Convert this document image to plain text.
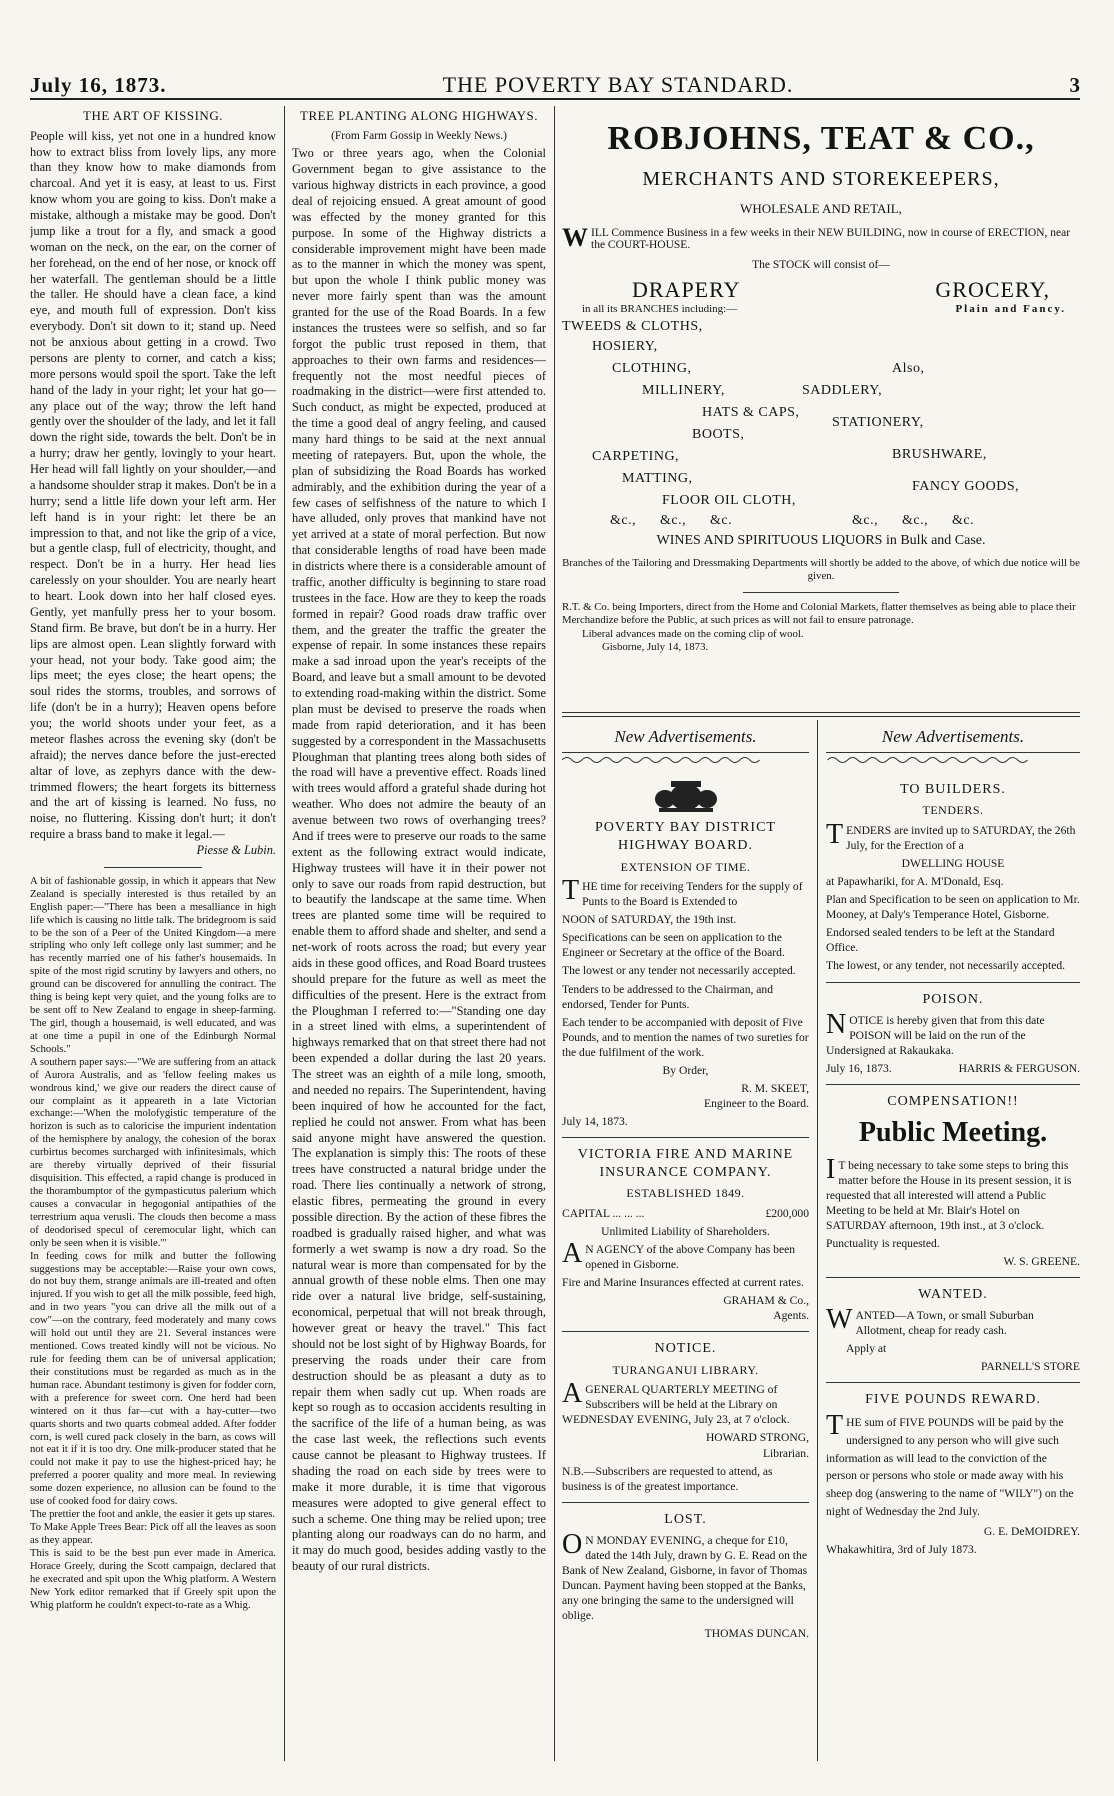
July 16, 1873.	THE POVERTY BAY STANDARD.	3
THE ART OF KISSING.

People will kiss, yet not one in a hundred know how to extract bliss from lovely lips, any more than they know how to make diamonds from charcoal. And yet it is easy, at least to us. First know whom you are going to kiss. Don't make a mistake, although a mistake may be good. Don't jump like a trout for a fly, and smack a good woman on the neck, on the ear, on the corner of her forehead, on the end of her nose, or knock off her waterfall. The gentleman should be a little the taller. He should have a clean face, a kind eye, and mouth full of expression. Don't kiss everybody. Don't sit down to it; stand up. Need not be anxious about getting in a crowd. Two persons are plenty to corner, and catch a kiss; more persons would spoil the sport. Take the left hand of the lady in your right; let your hat go—any place out of the way; throw the left hand gently over the shoulder of the lady, and let it fall down the right side, towards the belt. Don't be in a hurry; draw her gently, lovingly to your heart. Her head will fall lightly on your shoulder,—and a handsome shoulder strap it makes. Don't be in a hurry; send a little life down your left arm. Her left hand is in your right: let there be an impression to that, and not like the grip of a vice, but a gentle clasp, full of electricity, thought, and respect. Don't be in a hurry. Her head lies carelessly on your shoulder. You are nearly heart to heart. Look down into her half closed eyes. Gently, yet manfully press her to your bosom. Stand firm. Be brave, but don't be in a hurry. Her lips are almost open. Lean slightly forward with your head, not your body. Take good aim; the lips meet; the eyes close; the heart opens; the soul rides the storms, troubles, and sorrows of life (don't be in a hurry); Heaven opens before you; the world shoots under your feet, as a meteor flashes across the evening sky (don't be afraid); the nerves dance before the just-erected altar of love, as zephyrs dance with the dew-trimmed flowers; the heart forgets its bitterness and the art of kissing is learned. No fuss, no noise, no fluttering. Kissing don't hurt; it don't require a brass band to make it legal.—

Piesse & Lubin.

A bit of fashionable gossip, in which it appears that New Zealand is specially interested is thus retailed by an English paper:—"There has been a mesalliance in high life which is causing no little talk. The bridegroom is said to be the son of a Peer of the United Kingdom—a mere stripling who only left college only last summer; and he has recently married one of his father's housemaids. In spite of the most rigid scrutiny by lawyers and others, no ground can be discovered for annulling the contract. The thing is being kept very quiet, and the young folks are to be sent off to New Zealand to engage in sheep-farming. The girl, though a housemaid, is well educated, and was at one time a pupil in one of the Edinburgh Normal Schools."

A southern paper says:—"We are suffering from an attack of Aurora Australis, and as 'fellow feeling makes us wondrous kind,' we give our readers the direct cause of our complaint as it appeareth in a late Victorian exchange:—'When the molofygistic temperature of the horizon is such as to caloricise the impurient indentation of the hemisphere by analogy, the cohesion of the borax curbirtus becomes surcharged with infinitesimals, which are thereby virtually deprived of their fissurial disquisition. This effected, a rapid change is produced in the thorambumptor of the gympasticutus palerium which causes a convacular in hegogonial antipathies of the terrestrium aqua verusli. The clouds then become a mass of deodorised specul of ceremocular light, which can only be seen when it is visible.'"

In feeding cows for milk and butter the following suggestions may be acceptable:—Raise your own cows, do not buy them, strange animals are ill-treated and often injured. If you wish to get all the milk possible, feed high, and in two years "you can drive all the milk out of a cow"—on the contrary, feed moderately and many cows will hold out until they are 21. Several instances were mentioned. Cows treated kindly will not be vicious. No rule for feeding them can be of universal application; their constitutions must be regarded as much as in the human race. Abundant testimony is given for fodder corn, with a preference for sweet corn. One herd had been wintered on it thus far—cut with a hay-cutter—two quarts shorts and two quarts cobmeal added. After fodder corn, is well cured pack closely in the barn, as cows will not eat it if it is too dry. One milk-producer stated that he could not make it pay to use the highest-priced hay; he preferred a poorer quality and more meal. In reviewing some dozen experience, no allusion can be found to the use of cooked food for dairy cows.

The prettier the foot and ankle, the easier it gets up stares.

To Make Apple Trees Bear: Pick off all the leaves as soon as they appear.

This is said to be the best pun ever made in America. Horace Greely, during the Scott campaign, declared that he execrated and spit upon the Whig platform. A Western New York editor remarked that if Greely spit upon the Whig platform he couldn't expect-to-rate as a Whig.

TREE PLANTING ALONG HIGHWAYS.
(From Farm Gossip in Weekly News.)

Two or three years ago, when the Colonial Government began to give assistance to the various highway districts in each province, a good deal of rejoicing ensued. A great amount of good was effected by the money granted for this purpose. In some of the Highway districts a considerable improvement might have been made as to the manner in which the money was spent, but upon the whole I think public money was never more fairly spent than was the amount granted for the use of the Road Boards. In a few instances the trustees were so selfish, and so far forgot the public trust reposed in them, that approaches to their own farms and residences—frequently not the most needful pieces of roadmaking in the district—were first attended to. Such conduct, as might be expected, produced at the time a good deal of angry feeling, and caused many hard things to be said at the next annual meeting of ratepayers. But, upon the whole, the plan of subsidizing the Road Boards has worked admirably, and the exhibition during the year of a few cases of selfishness of the nature to which I have alluded, only proves that mankind have not yet arrived at a state of moral perfection. But now that considerable lengths of road have been made in districts where there is a considerable amount of traffic, another difficulty is beginning to stare road trustees in the face. How are they to keep the roads formed in repair? Good roads draw traffic over them, and the greater the traffic the greater the expense of repair. In some instances these repairs make a sad inroad upon the year's receipts of the Board, and leave but a small amount to be devoted to extending road-making within the district. Some plan must be devised to preserve the roads when made from rapid deterioration, and it has been suggested by a correspondent in the Massachusetts Ploughman that planting trees along both sides of the road will have a preventive effect. Roads lined with trees would afford a grateful shade during hot weather. Who does not admire the beauty of an avenue between two rows of overhanging trees? And if trees were to preserve our roads to the same extent as the following extract would indicate, Highway trustees will have it in their power not only to save our roads from rapid destruction, but to beautify the landscape at the same time. When trees are planted some time will be required to enable them to afford shade and shelter, and send a net-work of roots across the road; but every year aids in these good offices, and Road Board trustees should prepare for the future as well as meet the difficulties of the present. Here is the extract from the Ploughman I referred to:—"Standing one day in a street lined with elms, a superintendent of highways remarked that on that street there had not been expended a dollar during the last 20 years. The street was an eighth of a mile long, smooth, and needed no repairs. The Superintendent, having been inquired of how he accounted for the fact, replied he could not answer. From what has been said anyone might have answered the question. The explanation is simply this: The roots of these trees have constructed a natural bridge under the road. There lies continually a network of strong, elastic fibres, permeating the ground in every possible direction. By the action of these fibres the roadbed is gradually raised higher, and what was formerly a wet swamp is now a dry road. So the natural wear is more than compensated for by the annual growth of these noble elms. Then one may ride over a natural live bridge, self-sustaining, economical, perpetual that will not break through, however great or heavy the travel." This fact should not be lost sight of by Highway Boards, for preserving the roads under their care from destruction should be as pleasant a duty as to repair them when sadly cut up. When roads are kept so rough as to occasion accidents resulting in the sacrifice of the life of a human being, as was the case last week, the reflections such events cause cannot be pleasant to Highway trustees. If shading the road on each side by trees were to make it more durable, it is time that vigorous measures were adopted to give general effect to such a scheme. One thing may be relied upon; tree planting along our roadways can do no harm, and it may do much good, besides adding vastly to the beauty of our rural districts.

ROBJOHNS, TEAT & CO.,
MERCHANTS AND STOREKEEPERS,
WHOLESALE AND RETAIL,
W ILL Commence Business in a few weeks in their NEW BUILDING, now in course of ERECTION, near the COURT-HOUSE.
The STOCK will consist of—
DRAPERY	GROCERY,
in all its BRANCHES including:—	Plain and Fancy.
TWEEDS & CLOTHS,
HOSIERY,
CLOTHING,
MILLINERY,
HATS & CAPS,
BOOTS,
CARPETING,
MATTING,
FLOOR OIL CLOTH,
&c., &c., &c.
Also,
SADDLERY,
STATIONERY,
BRUSHWARE,
FANCY GOODS,
&c., &c., &c.
WINES AND SPIRITUOUS LIQUORS in Bulk and Case.
Branches of the Tailoring and Dressmaking Departments will shortly be added to the above, of which due notice will be given.
R.T. & Co. being Importers, direct from the Home and Colonial Markets, flatter themselves as being able to place their Merchandize before the Public, at such prices as will not fail to ensure patronage.
Liberal advances made on the coming clip of wool.
Gisborne, July 14, 1873.
New Advertisements.
POVERTY BAY DISTRICT HIGHWAY BOARD.
EXTENSION OF TIME.

THE time for receiving Tenders for the supply of Punts to the Board is Extended to

NOON of SATURDAY, the 19th inst.

Specifications can be seen on application to the Engineer or Secretary at the office of the Board.

The lowest or any tender not necessarily accepted.

Tenders to be addressed to the Chairman, and endorsed, Tender for Punts.

Each tender to be accompanied with deposit of Five Pounds, and to mention the names of two sureties for the due fulfilment of the work.

By Order,

R. M. SKEET,

Engineer to the Board.

July 14, 1873.

VICTORIA FIRE AND MARINE INSURANCE COMPANY.
ESTABLISHED 1849.

CAPITAL ... ... ...	£200,000

Unlimited Liability of Shareholders.

A N AGENCY of the above Company has been opened in Gisborne.

Fire and Marine Insurances effected at current rates.

GRAHAM & Co.,

Agents.

NOTICE.
TURANGANUI LIBRARY.

AGENERAL QUARTERLY MEETING of Subscribers will be held at the Library on WEDNESDAY EVENING, July 23, at 7 o'clock.

HOWARD STRONG,

Librarian.

N.B.—Subscribers are requested to attend, as business is of the greatest importance.

LOST.

O N MONDAY EVENING, a cheque for £10, dated the 14th July, drawn by G. E. Read on the Bank of New Zealand, Gisborne, in favor of Thomas Duncan. Payment having been stopped at the Banks, any one bringing the same to the undersigned will oblige.

THOMAS DUNCAN.

New Advertisements.
TO BUILDERS.
TENDERS.

TENDERS are invited up to SATURDAY, the 26th July, for the Erection of a

DWELLING HOUSE

at Papawhariki, for A. M'Donald, Esq.

Plan and Specification to be seen on application to Mr. Mooney, at Daly's Temperance Hotel, Gisborne.

Endorsed sealed tenders to be left at the Standard Office.

The lowest, or any tender, not necessarily accepted.

POISON.

NOTICE is hereby given that from this date POISON will be laid on the run of the Undersigned at Rakaukaka.

July 16, 1873.	HARRIS & FERGUSON.

COMPENSATION!!
Public Meeting.

I T being necessary to take some steps to bring this matter before the House in its present session, it is requested that all interested will attend a Public Meeting to be held at Mr. Blair's Hotel on SATURDAY afternoon, 19th inst., at 3 o'clock.

Punctuality is requested.

W. S. GREENE.

WANTED.

WANTED—A Town, or small Suburban Allotment, cheap for ready cash.

Apply at

PARNELL'S STORE

FIVE POUNDS REWARD.

THE sum of FIVE POUNDS will be paid by the undersigned to any person who will give such information as will lead to the conviction of the person or persons who stole or made away with his sheep dog (answering to the name of "WILY") on the night of Wednesday the 2nd July.

G. E. DeMOIDREY.

Whakawhitira, 3rd of July 1873.
